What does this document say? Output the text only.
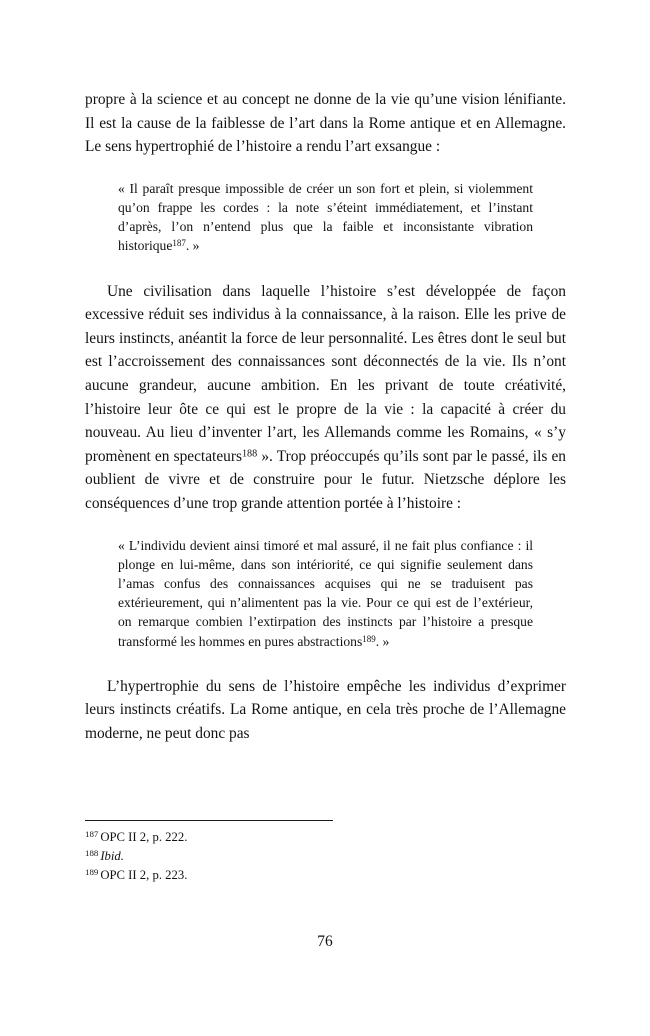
propre à la science et au concept ne donne de la vie qu’une vision lénifiante. Il est la cause de la faiblesse de l’art dans la Rome antique et en Allemagne. Le sens hypertrophié de l’histoire a rendu l’art exsangue :

« Il paraît presque impossible de créer un son fort et plein, si violemment qu’on frappe les cordes : la note s’éteint immédiatement, et l’instant d’après, l’on n’entend plus que la faible et inconsistante vibration historique$^{187}$. »

Une civilisation dans laquelle l’histoire s’est développée de façon excessive réduit ses individus à la connaissance, à la raison. Elle les prive de leurs instincts, anéantit la force de leur personnalité. Les êtres dont le seul but est l’accroissement des connaissances sont déconnectés de la vie. Ils n’ont aucune grandeur, aucune ambition. En les privant de toute créativité, l’histoire leur ôte ce qui est le propre de la vie : la capacité à créer du nouveau. Au lieu d’inventer l’art, les Allemands comme les Romains, « s’y promènent en spectateurs$^{188}$ ». Trop préoccupés qu’ils sont par le passé, ils en oublient de vivre et de construire pour le futur. Nietzsche déplore les conséquences d’une trop grande attention portée à l’histoire :

« L’individu devient ainsi timoré et mal assuré, il ne fait plus confiance : il plonge en lui-même, dans son intériorité, ce qui signifie seulement dans l’amas confus des connaissances acquises qui ne se traduisent pas extérieurement, qui n’alimentent pas la vie. Pour ce qui est de l’extérieur, on remarque combien l’extirpation des instincts par l’histoire a presque transformé les hommes en pures abstractions$^{189}$. »

L’hypertrophie du sens de l’histoire empêche les individus d’exprimer leurs instincts créatifs. La Rome antique, en cela très proche de l’Allemagne moderne, ne peut donc pas

$^{187}$ OPC II 2, p. 222.

$^{188}$ Ibid.

$^{189}$ OPC II 2, p. 223.

76
